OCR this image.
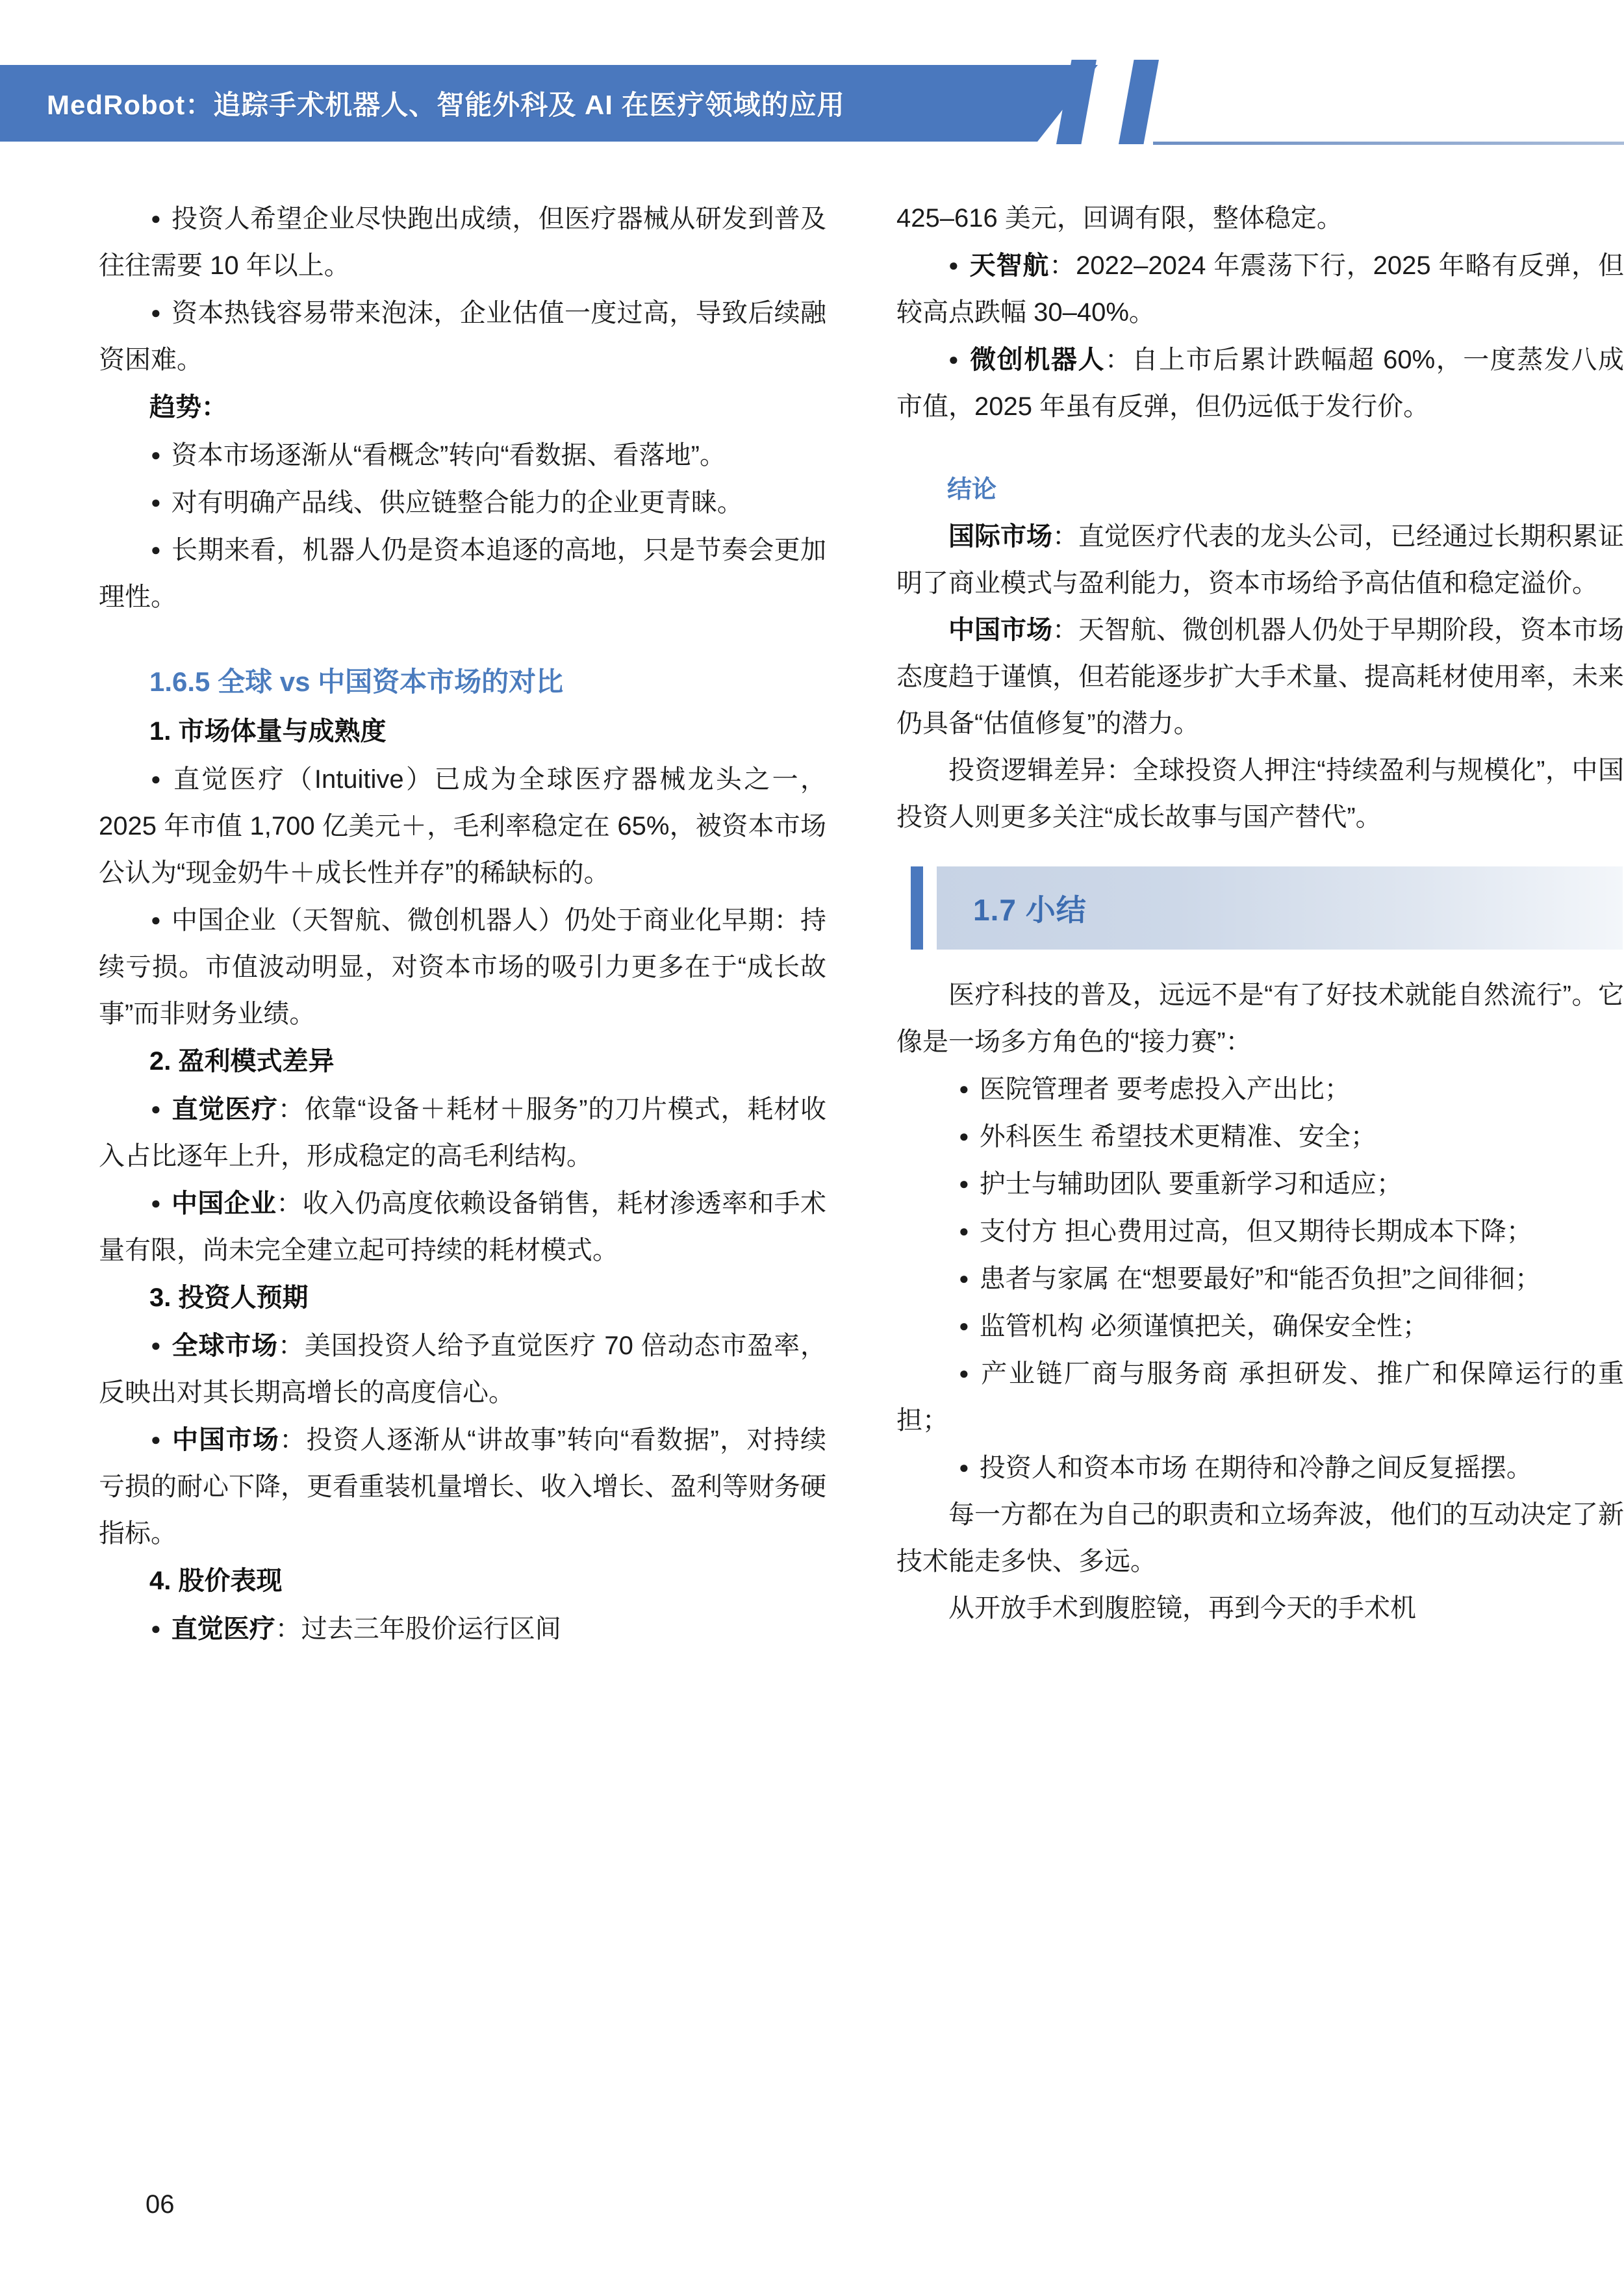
MedRobot：追踪手术机器人、智能外科及 AI 在医疗领域的应用

● 投资人希望企业尽快跑出成绩，但医疗器械从研发到普及往往需要 10 年以上。

● 资本热钱容易带来泡沫，企业估值一度过高，导致后续融资困难。

趋势：

● 资本市场逐渐从“看概念”转向“看数据、看落地”。

● 对有明确产品线、供应链整合能力的企业更青睐。

● 长期来看，机器人仍是资本追逐的高地，只是节奏会更加理性。

1.6.5 全球 vs 中国资本市场的对比

1. 市场体量与成熟度

● 直觉医疗（Intuitive）已成为全球医疗器械龙头之一，2025 年市值 1,700 亿美元＋，毛利率稳定在 65%，被资本市场公认为“现金奶牛＋成长性并存”的稀缺标的。

● 中国企业（天智航、微创机器人）仍处于商业化早期：持续亏损。市值波动明显，对资本市场的吸引力更多在于“成长故事”而非财务业绩。

2. 盈利模式差异

● 直觉医疗：依靠“设备＋耗材＋服务”的刀片模式，耗材收入占比逐年上升，形成稳定的高毛利结构。

● 中国企业：收入仍高度依赖设备销售，耗材渗透率和手术量有限，尚未完全建立起可持续的耗材模式。

3. 投资人预期

● 全球市场：美国投资人给予直觉医疗 70 倍动态市盈率，反映出对其长期高增长的高度信心。

● 中国市场：投资人逐渐从“讲故事”转向“看数据”，对持续亏损的耐心下降，更看重装机量增长、收入增长、盈利等财务硬指标。

4. 股价表现

● 直觉医疗：过去三年股价运行区间

425–616 美元，回调有限，整体稳定。

● 天智航：2022–2024 年震荡下行，2025 年略有反弹，但较高点跌幅 30–40%。

● 微创机器人：自上市后累计跌幅超 60%，一度蒸发八成市值，2025 年虽有反弹，但仍远低于发行价。

结论

国际市场：直觉医疗代表的龙头公司，已经通过长期积累证明了商业模式与盈利能力，资本市场给予高估值和稳定溢价。

中国市场：天智航、微创机器人仍处于早期阶段，资本市场态度趋于谨慎，但若能逐步扩大手术量、提高耗材使用率，未来仍具备“估值修复”的潜力。

投资逻辑差异：全球投资人押注“持续盈利与规模化”，中国投资人则更多关注“成长故事与国产替代”。

1.7 小结

医疗科技的普及，远远不是“有了好技术就能自然流行”。它像是一场多方角色的“接力赛”：

● 医院管理者 要考虑投入产出比；

● 外科医生 希望技术更精准、安全；

● 护士与辅助团队 要重新学习和适应；

● 支付方 担心费用过高，但又期待长期成本下降；

● 患者与家属 在“想要最好”和“能否负担”之间徘徊；

● 监管机构 必须谨慎把关，确保安全性；

● 产业链厂商与服务商 承担研发、推广和保障运行的重担；

● 投资人和资本市场 在期待和冷静之间反复摇摆。

每一方都在为自己的职责和立场奔波，他们的互动决定了新技术能走多快、多远。

从开放手术到腹腔镜，再到今天的手术机

06
